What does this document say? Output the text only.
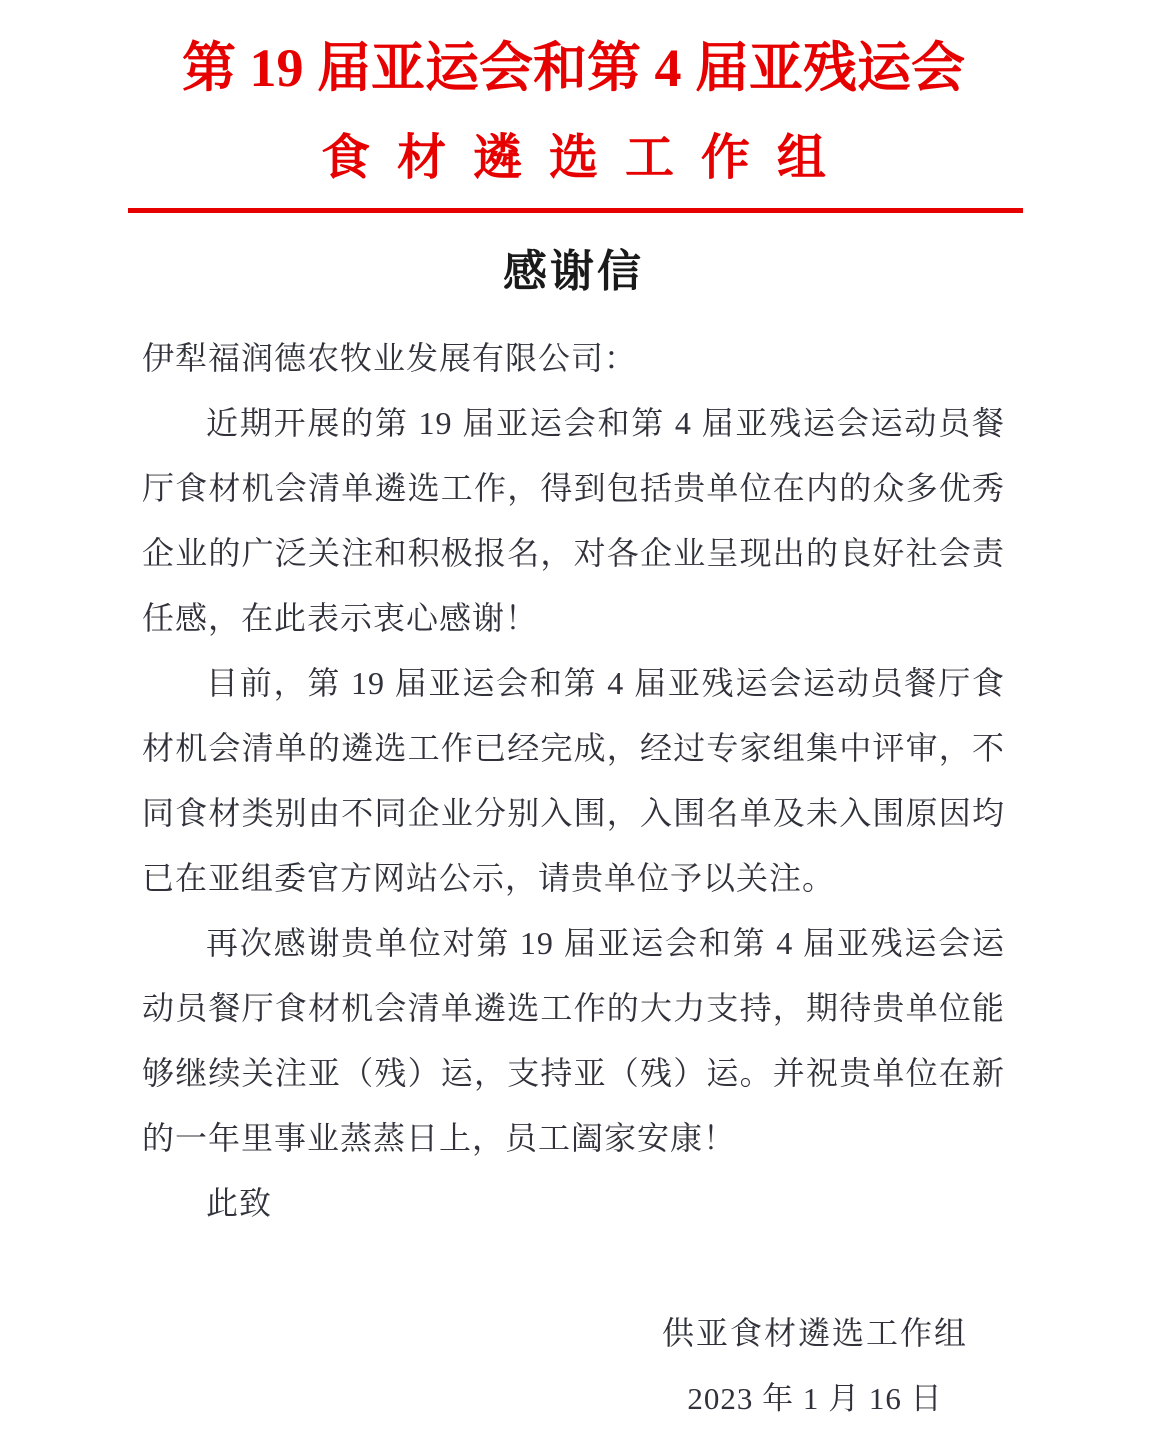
第 19 届亚运会和第 4 届亚残运会
食材遴选工作组
感谢信

伊犁福润德农牧业发展有限公司：

近期开展的第 19 届亚运会和第 4 届亚残运会运动员餐厅食材机会清单遴选工作，得到包括贵单位在内的众多优秀企业的广泛关注和积极报名，对各企业呈现出的良好社会责任感，在此表示衷心感谢！

目前，第 19 届亚运会和第 4 届亚残运会运动员餐厅食材机会清单的遴选工作已经完成，经过专家组集中评审，不同食材类别由不同企业分别入围，入围名单及未入围原因均已在亚组委官方网站公示，请贵单位予以关注。

再次感谢贵单位对第 19 届亚运会和第 4 届亚残运会运动员餐厅食材机会清单遴选工作的大力支持，期待贵单位能够继续关注亚（残）运，支持亚（残）运。并祝贵单位在新的一年里事业蒸蒸日上，员工阖家安康！

此致

供亚食材遴选工作组
2023 年 1 月 16 日
